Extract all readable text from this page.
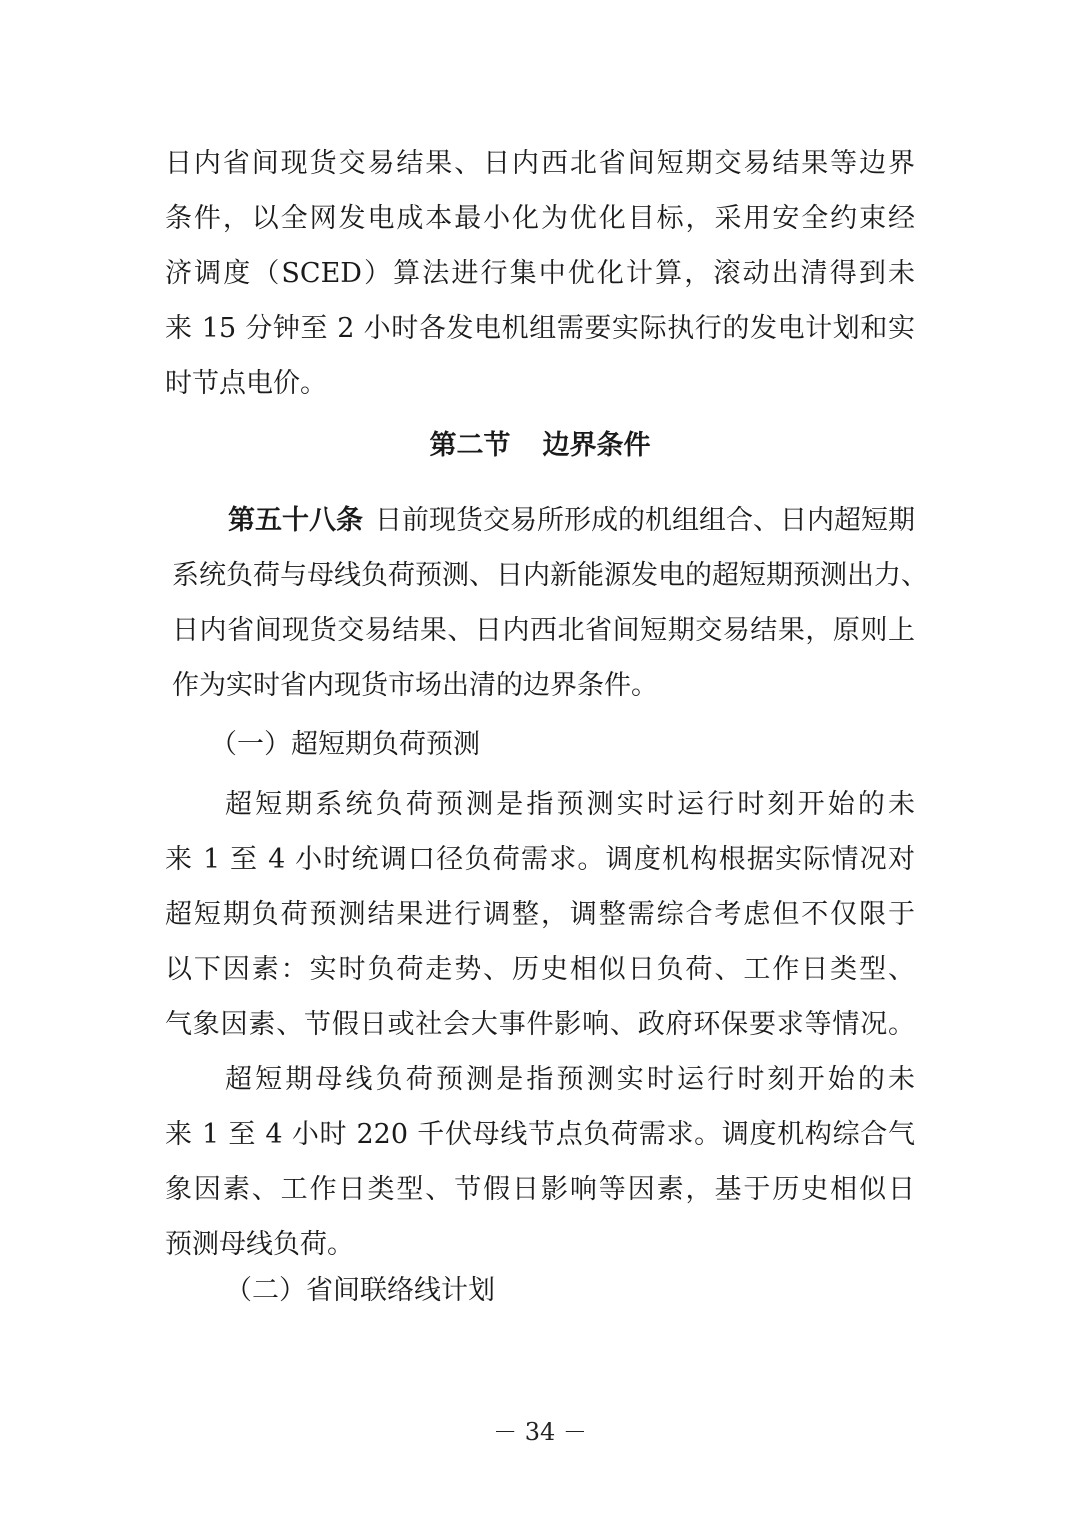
日内省间现货交易结果、日内西北省间短期交易结果等边界
条件，以全网发电成本最小化为优化目标，采用安全约束经
济调度（SCED）算法进行集中优化计算，滚动出清得到未
来 15 分钟至 2 小时各发电机组需要实际执行的发电计划和实
时节点电价。
第二节 边界条件
第五十八条 日前现货交易所形成的机组组合、日内超短期
系统负荷与母线负荷预测、日内新能源发电的超短期预测出力、
日内省间现货交易结果、日内西北省间短期交易结果，原则上
作为实时省内现货市场出清的边界条件。
（一）超短期负荷预测
超短期系统负荷预测是指预测实时运行时刻开始的未
来 1 至 4 小时统调口径负荷需求。调度机构根据实际情况对
超短期负荷预测结果进行调整，调整需综合考虑但不仅限于
以下因素：实时负荷走势、历史相似日负荷、工作日类型、
气象因素、节假日或社会大事件影响、政府环保要求等情况。
超短期母线负荷预测是指预测实时运行时刻开始的未
来 1 至 4 小时 220 千伏母线节点负荷需求。调度机构综合气
象因素、工作日类型、节假日影响等因素，基于历史相似日
预测母线负荷。
（二）省间联络线计划
－ 34 －
